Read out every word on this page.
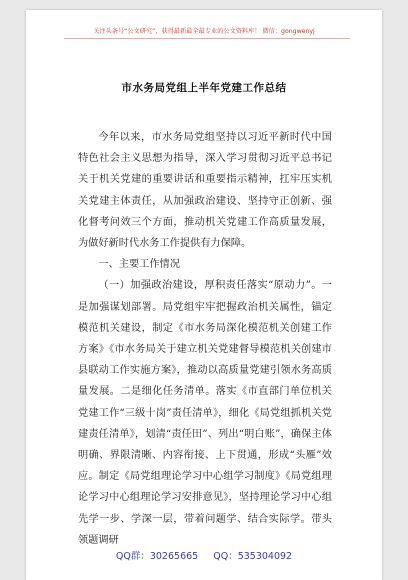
关注头条号“公文研究”，获得最新最全最专业的公文资料库！ 微信：gongwenyj
市水务局党组上半年党建工作总结

今年以来，市水务局党组坚持以习近平新时代中国特色社会主义思想为指导，深入学习贯彻习近平总书记关于机关党建的重要讲话和重要指示精神，扛牢压实机关党建主体责任，从加强政治建设、坚持守正创新、强化督考问效三个方面，推动机关党建工作高质量发展，为做好新时代水务工作提供有力保障。

一、主要工作情况

（一）加强政治建设，厚积责任落实“原动力”。一是加强谋划部署。局党组牢牢把握政治机关属性，锚定模范机关建设，制定《市水务局深化模范机关创建工作方案》《市水务局关于建立机关党建督导模范机关创建市县联动工作实施方案》，推动以高质量党建引领水务高质量发展。二是细化任务清单。落实《市直部门单位机关党建工作“三级十岗”责任清单》，细化《局党组抓机关党建责任清单》，划清“责任田”、列出“明白账”，确保主体明确、界限清晰、内容衔接、上下贯通，形成“头雁”效应。制定《局党组理论学习中心组学习制度》《局党组理论学习中心组理论学习安排意见》，坚持理论学习中心组先学一步、学深一层，带着问题学、结合实际学。带头领题调研

QQ群：30265665 QQ：535304092
